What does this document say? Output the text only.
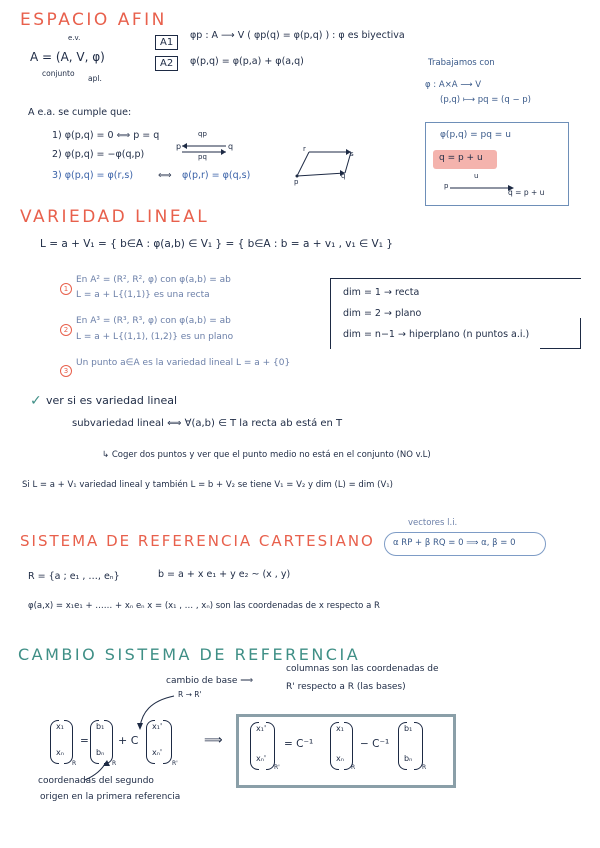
ESPACIO AFIN
e.v.
A = (A, V, φ)
conjunto
apl.
A1
φp : A ⟶ V ( φp(q) = φ(p,q) ) : φ es biyectiva
A2	φ(p,q) = φ(p,a) + φ(a,q)	Trabajamos con
φ : A×A ⟶ V
(p,q) ⟼ pq = (q − p)
A e.a. se cumple que:
1) φ(p,q) = 0 ⟺ p = q
2) φ(p,q) = −φ(q,p)
3) φ(p,q) = φ(r,s)	⟺ φ(p,r) = φ(q,s)
qp
pq
p	q
p
r
s
q
φ(p,q) = pq = u
q = p + u
u
p
q = p + u
VARIEDAD LINEAL
L = a + V₁ = { b∈A : φ(a,b) ∈ V₁ } = { b∈A : b = a + v₁ , v₁ ∈ V₁ }
1
En A² = (R², R², φ) con φ(a,b) = ab
L = a + L{(1,1)} es una recta
2
En A³ = (R³, R³, φ) con φ(a,b) = ab
L = a + L{(1,1), (1,2)} es un plano
3
Un punto a∈A es la variedad lineal L = a + {0}
dim = 1 → recta
dim = 2 → plano
dim = n−1 → hiperplano (n puntos a.i.)
✓ ver si es variedad lineal
subvariedad lineal ⟺ ∀(a,b) ∈ T la recta ab está en T
↳ Coger dos puntos y ver que el punto medio no está en el conjunto (NO v.L)
Si L = a + V₁ variedad lineal y también L = b + V₂ se tiene V₁ = V₂ y dim (L) = dim (V₁)
SISTEMA DE REFERENCIA CARTESIANO
vectores l.i.
α RP + β RQ = 0 ⟹ α, β = 0
R = {a ; e₁ , …, eₙ}	b = a + x e₁ + y e₂ ~ (x , y)
φ(a,x) = x₁e₁ + …… + xₙ eₙ x = (x₁ , … , xₙ) son las coordenadas de x respecto a R
CAMBIO SISTEMA DE REFERENCIA
cambio de base ⟹
R → R'
columnas son las coordenadas de
R' respecto a R (las bases)
x₁
xₙ
R
=
b₁
bₙ
R
+ C
x₁'
xₙ'
R'
⟹
x₁'
xₙ'
R'
= C⁻¹
x₁
xₙ
R
− C⁻¹
b₁
bₙ
R
coordenadas del segundo
origen en la primera referencia
